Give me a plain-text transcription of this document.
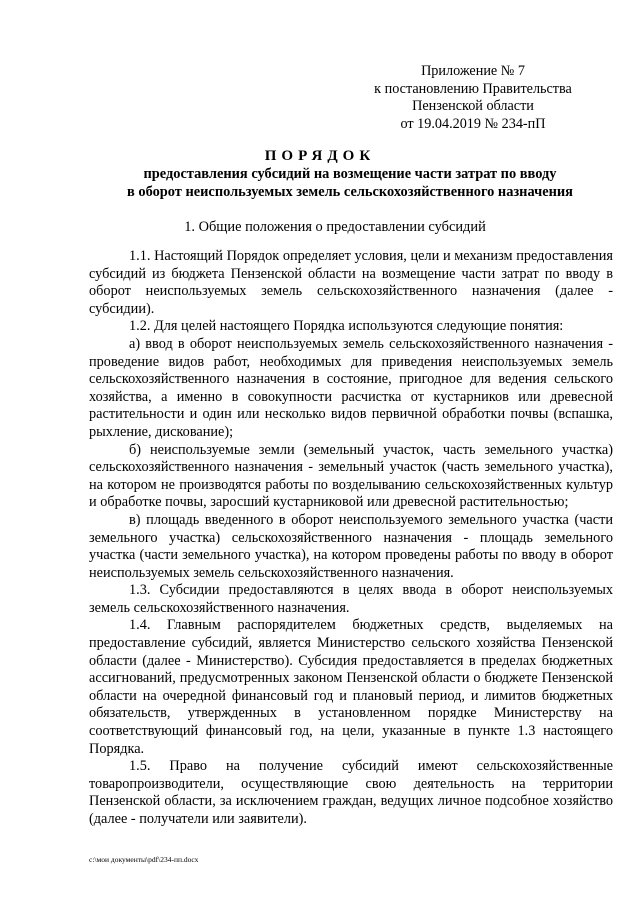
Приложение № 7
к постановлению Правительства
Пензенской области
от 19.04.2019 № 234-пП
ПОРЯДОК
предоставления субсидий на возмещение части затрат по вводу
в оборот неиспользуемых земель сельскохозяйственного назначения
1. Общие положения о предоставлении субсидий

1.1. Настоящий Порядок определяет условия, цели и механизм предоставления субсидий из бюджета Пензенской области на возмещение части затрат по вводу в оборот неиспользуемых земель сельскохозяйственного назначения (далее - субсидии).

1.2. Для целей настоящего Порядка используются следующие понятия:

а) ввод в оборот неиспользуемых земель сельскохозяйственного назначения - проведение видов работ, необходимых для приведения неиспользуемых земель сельскохозяйственного назначения в состояние, пригодное для ведения сельского хозяйства, а именно в совокупности расчистка от кустарников или древесной растительности и один или несколько видов первичной обработки почвы (вспашка, рыхление, дискование);

б) неиспользуемые земли (земельный участок, часть земельного участка) сельскохозяйственного назначения - земельный участок (часть земельного участка), на котором не производятся работы по возделыванию сельскохозяйственных культур и обработке почвы, заросший кустарниковой или древесной растительностью;

в) площадь введенного в оборот неиспользуемого земельного участка (части земельного участка) сельскохозяйственного назначения - площадь земельного участка (части земельного участка), на котором проведены работы по вводу в оборот неиспользуемых земель сельскохозяйственного назначения.

1.3. Субсидии предоставляются в целях ввода в оборот неиспользуемых земель сельскохозяйственного назначения.

1.4. Главным распорядителем бюджетных средств, выделяемых на предоставление субсидий, является Министерство сельского хозяйства Пензенской области (далее - Министерство). Субсидия предоставляется в пределах бюджетных ассигнований, предусмотренных законом Пензенской области о бюджете Пензенской области на очередной финансовый год и плановый период, и лимитов бюджетных обязательств, утвержденных в установленном порядке Министерству на соответствующий финансовый год, на цели, указанные в пункте 1.3 настоящего Порядка.

1.5. Право на получение субсидий имеют сельскохозяйственные товаропроизводители, осуществляющие свою деятельность на территории Пензенской области, за исключением граждан, ведущих личное подсобное хозяйство (далее - получатели или заявители).

c:\мои документы\pdf\234-пп.docx
